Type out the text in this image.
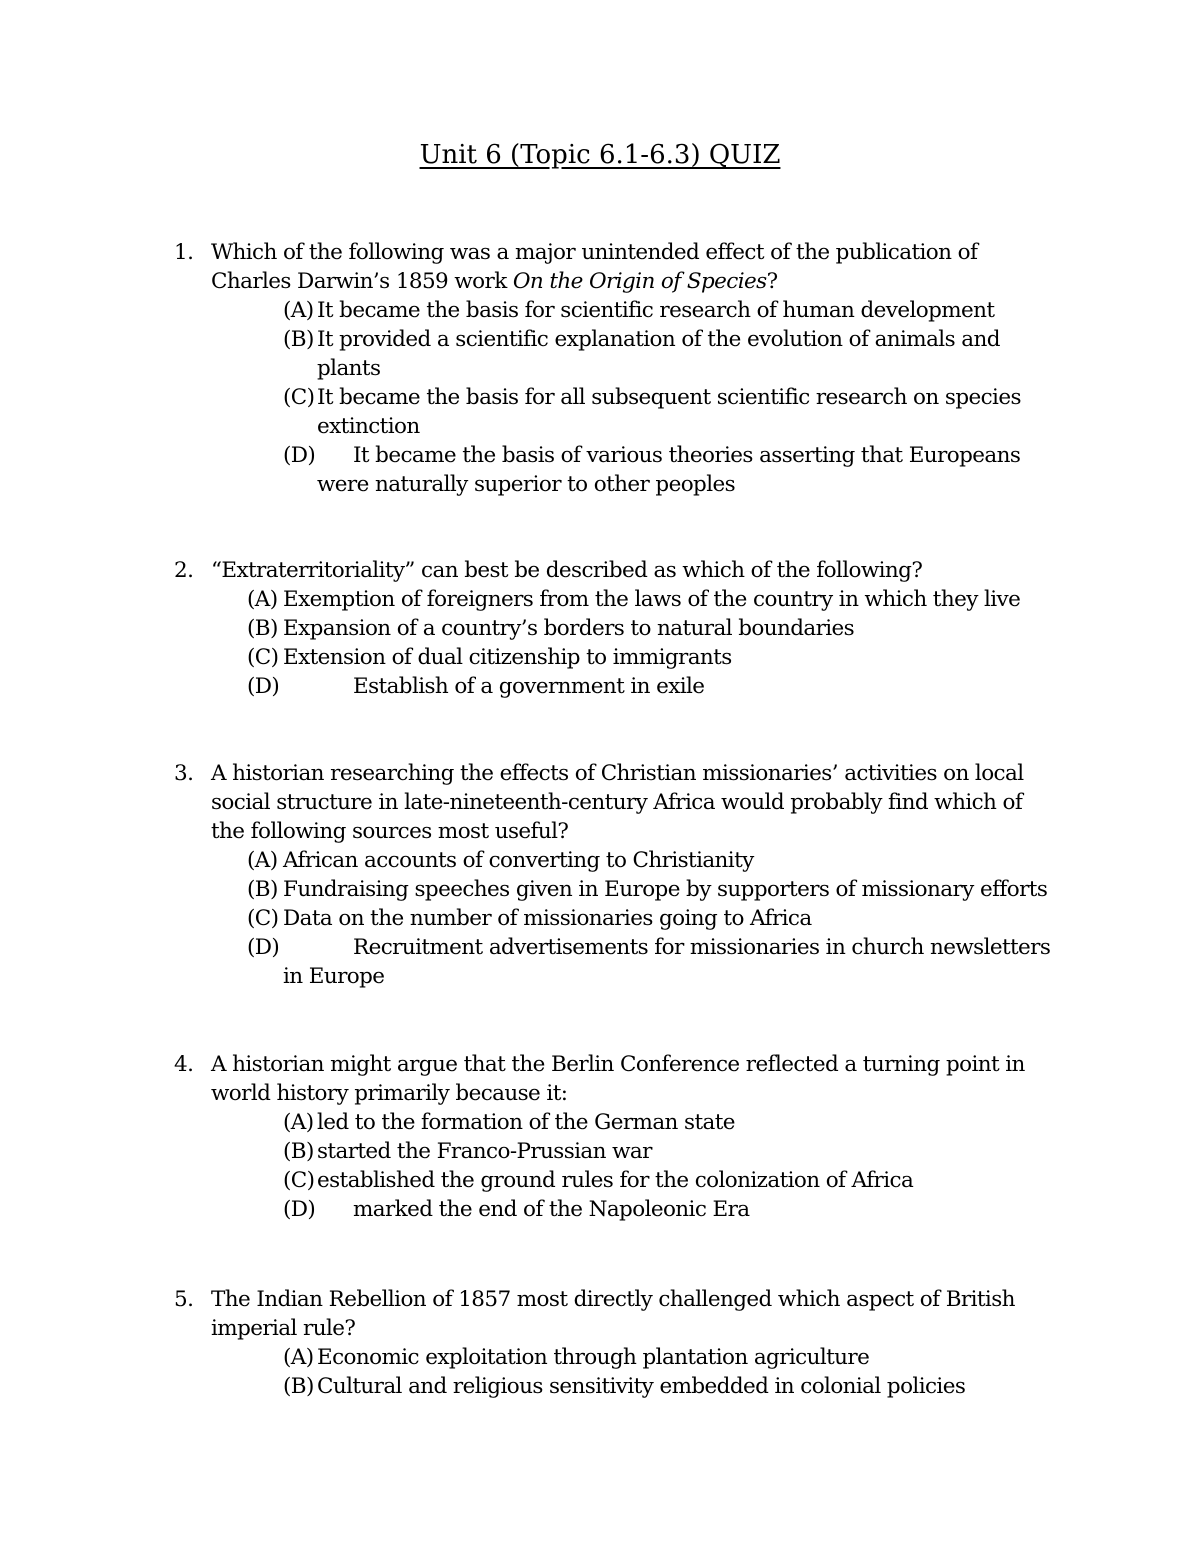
Unit 6 (Topic 6.1-6.3) QUIZ
1. Which of the following was a major unintended effect of the publication of Charles Darwin’s 1859 work On the Origin of Species?
(A) It became the basis for scientific research of human development
(B) It provided a scientific explanation of the evolution of animals and plants
(C) It became the basis for all subsequent scientific research on species extinction
(D)	It became the basis of various theories asserting that Europeans were naturally superior to other peoples
2. “Extraterritoriality” can best be described as which of the following?
(A) Exemption of foreigners from the laws of the country in which they live
(B) Expansion of a country’s borders to natural boundaries
(C) Extension of dual citizenship to immigrants
(D)	Establish of a government in exile
3. A historian researching the effects of Christian missionaries’ activities on local social structure in late-nineteenth-century Africa would probably find which of the following sources most useful?
(A) African accounts of converting to Christianity
(B) Fundraising speeches given in Europe by supporters of missionary efforts
(C) Data on the number of missionaries going to Africa
(D)	Recruitment advertisements for missionaries in church newsletters in Europe
4. A historian might argue that the Berlin Conference reflected a turning point in world history primarily because it:
(A) led to the formation of the German state
(B) started the Franco-Prussian war
(C) established the ground rules for the colonization of Africa
(D)	marked the end of the Napoleonic Era
5. The Indian Rebellion of 1857 most directly challenged which aspect of British imperial rule?
(A) Economic exploitation through plantation agriculture
(B) Cultural and religious sensitivity embedded in colonial policies
